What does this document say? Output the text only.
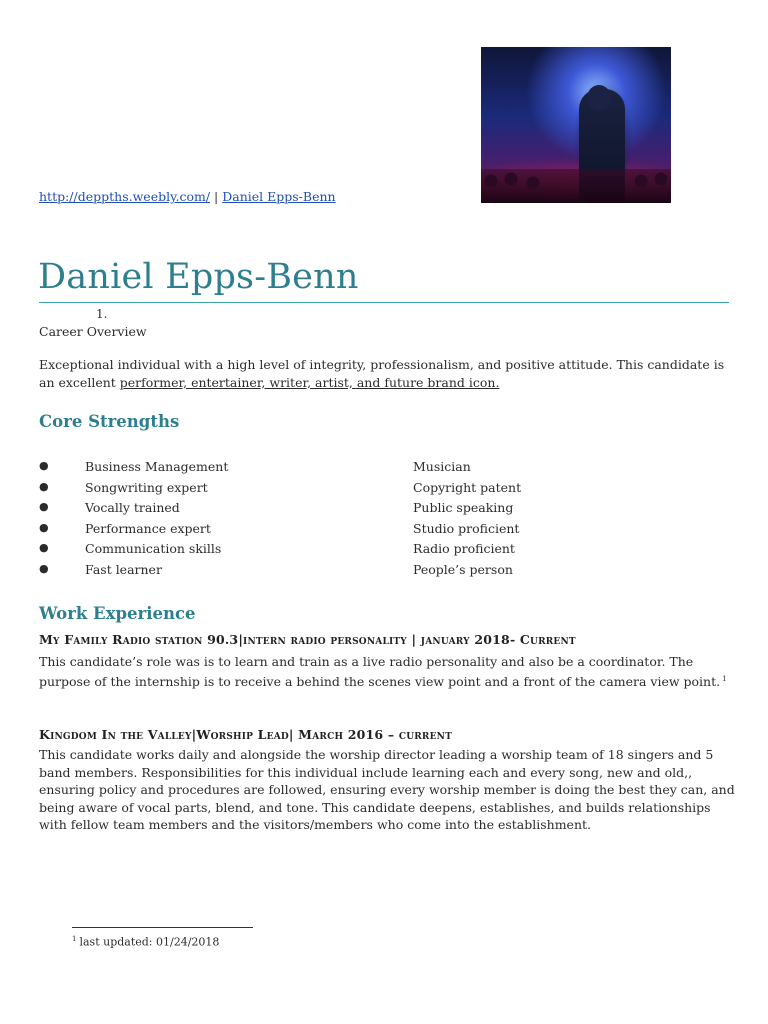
http://deppths.weebly.com/ | Daniel Epps-Benn
Daniel Epps-Benn
1.
Career Overview
Exceptional individual with a high level of integrity, professionalism, and positive attitude. This candidate is an excellent performer, entertainer, writer, artist, and future brand icon.
Core Strengths
●	Business Management	Musician
●	Songwriting expert	Copyright patent
●	Vocally trained	Public speaking
●	Performance expert	Studio proficient
●	Communication skills	Radio proficient
●	Fast learner	People’s person
Work Experience
My Family Radio station 90.3|intern radio personality | january 2018- Current
This candidate’s role was is to learn and train as a live radio personality and also be a coordinator. The purpose of the internship is to receive a behind the scenes view point and a front of the camera view point. $^1$
Kingdom In the Valley|Worship Lead| March 2016 – current
This candidate works daily and alongside the worship director leading a worship team of 18 singers and 5 band members. Responsibilities for this individual include learning each and every song, new and old,, ensuring policy and procedures are followed, ensuring every worship member is doing the best they can, and being aware of vocal parts, blend, and tone. This candidate deepens, establishes, and builds relationships with fellow team members and the visitors/members who come into the establishment.
$^1$ last updated: 01/24/2018
